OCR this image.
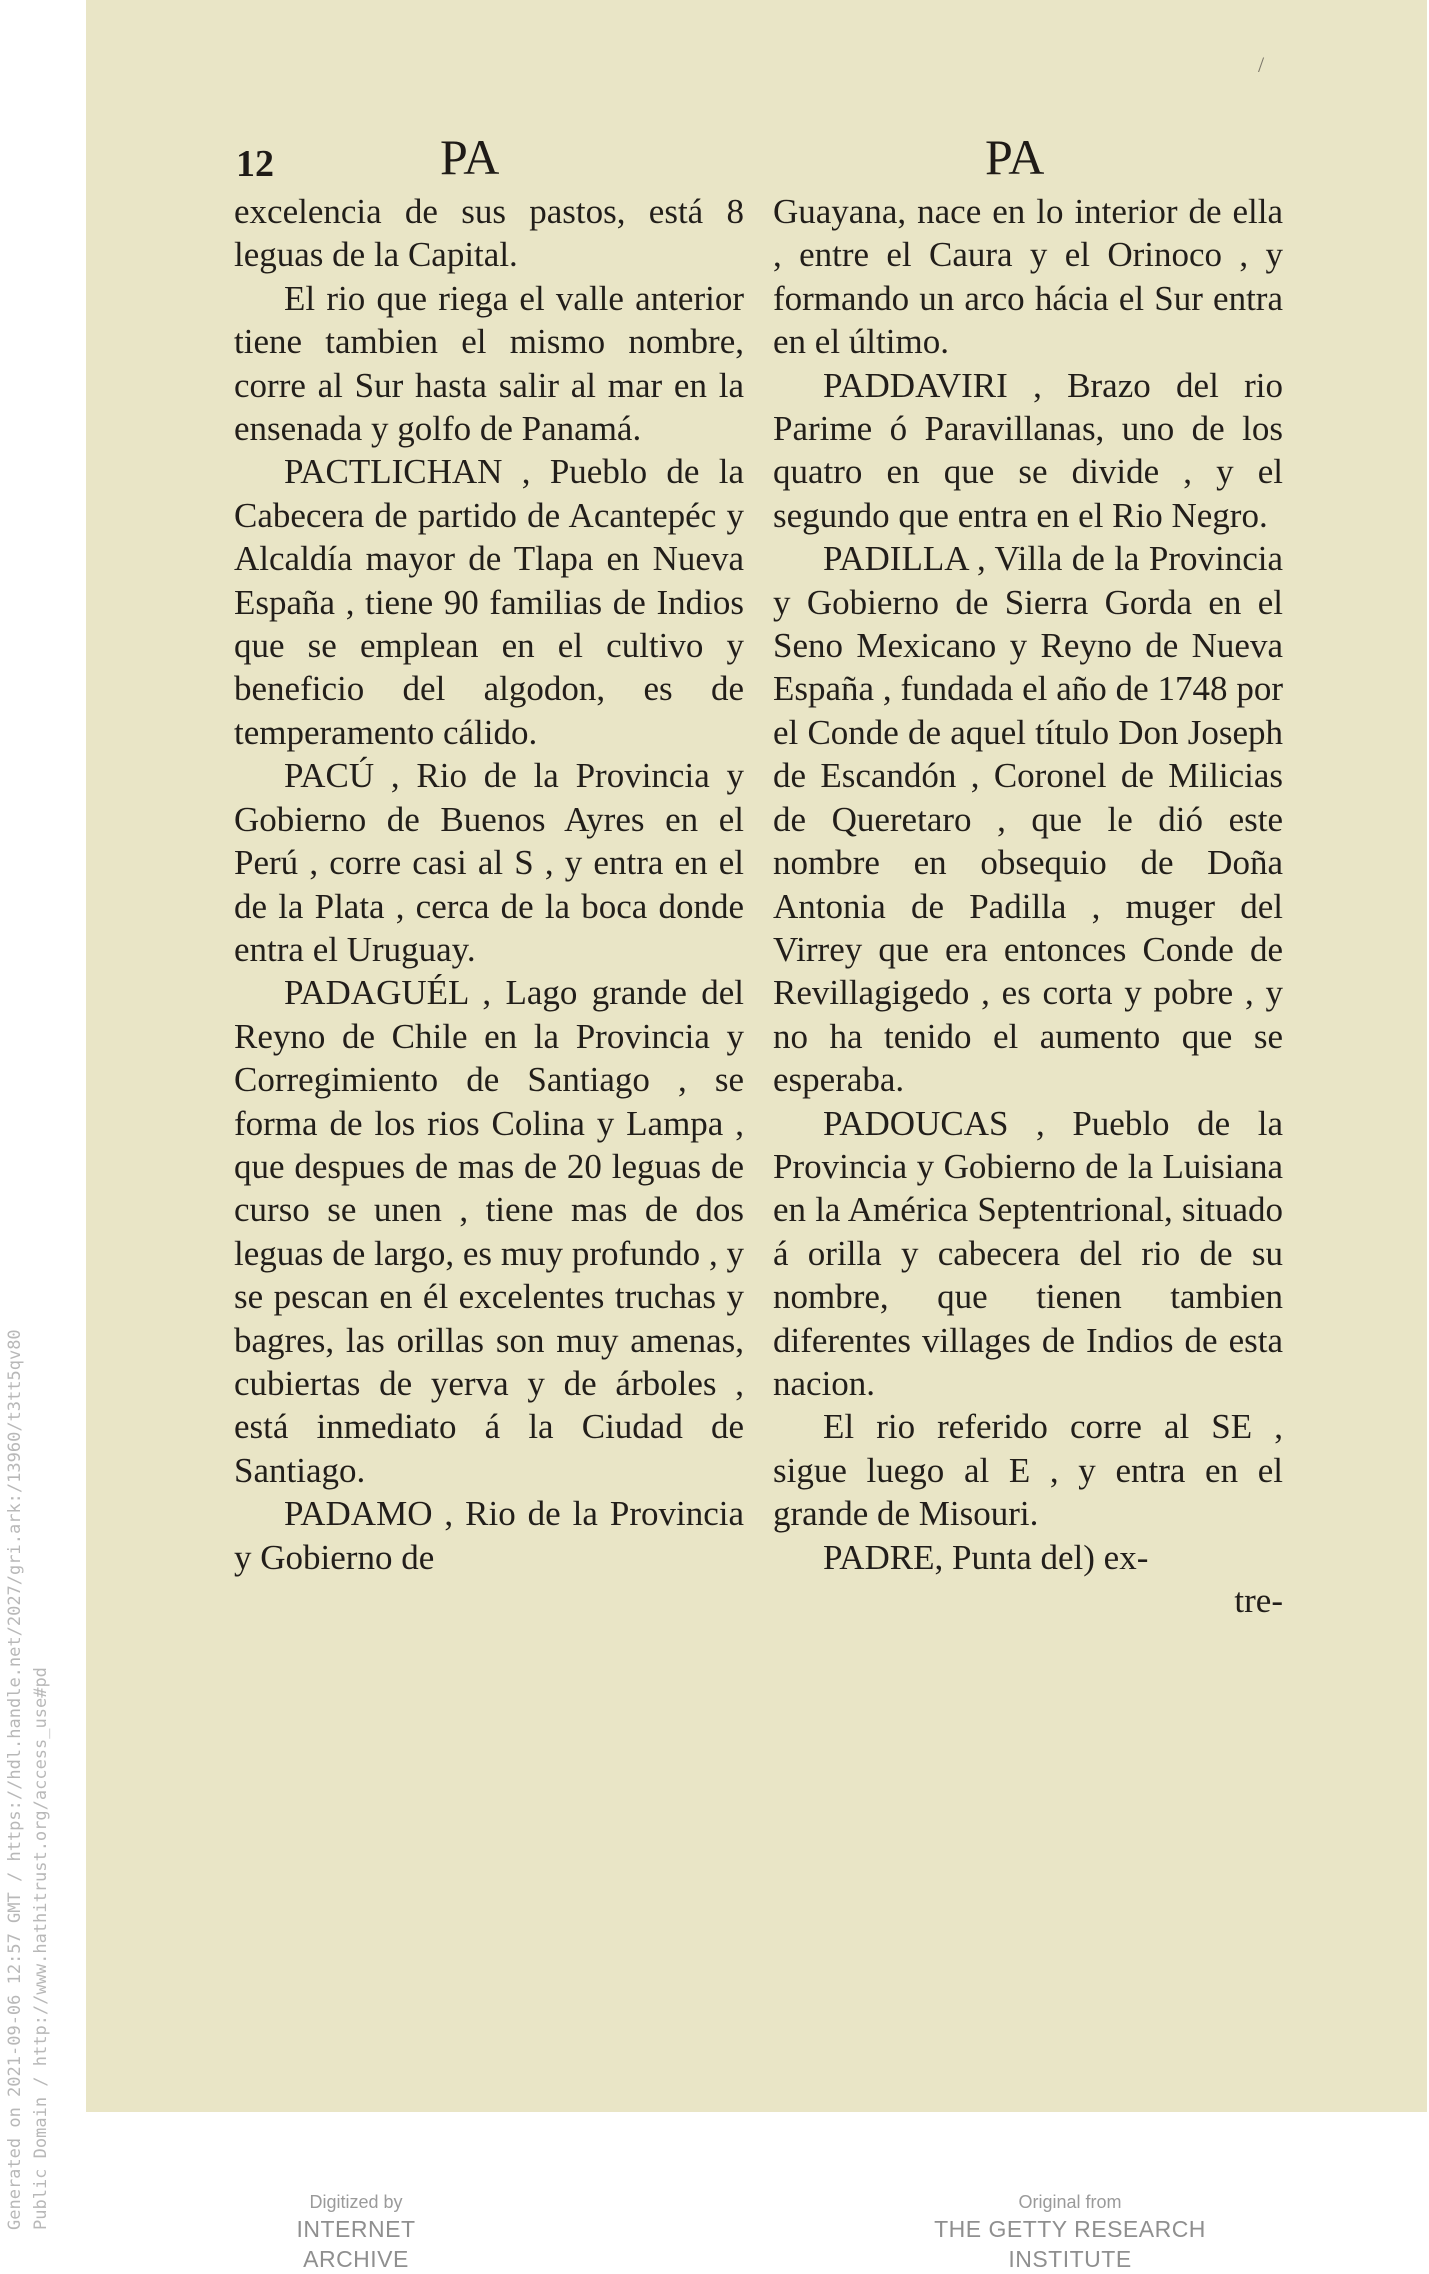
Generated on 2021-09-06 12:57 GMT / https://hdl.handle.net/2027/gri.ark:/13960/t3tt5qv80 Public Domain / http://www.hathitrust.org/access_use#pd
/
12	PA	PA

excelencia de sus pastos, está 8 leguas de la Capital.

El rio que riega el valle anterior tiene tambien el mismo nombre, corre al Sur hasta salir al mar en la ensenada y golfo de Panamá.

PACTLICHAN , Pueblo de la Cabecera de partido de Acantepéc y Alcaldía mayor de Tlapa en Nueva España , tiene 90 familias de Indios que se emplean en el cultivo y beneficio del algodon, es de temperamento cálido.

PACÚ , Rio de la Provincia y Gobierno de Buenos Ayres en el Perú , corre casi al S , y entra en el de la Plata , cerca de la boca donde entra el Uruguay.

PADAGUÉL , Lago grande del Reyno de Chile en la Provincia y Corregimiento de Santiago , se forma de los rios Colina y Lampa , que despues de mas de 20 leguas de curso se unen , tiene mas de dos leguas de largo, es muy profundo , y se pescan en él excelentes truchas y bagres, las orillas son muy amenas, cubiertas de yerva y de árboles , está inmediato á la Ciudad de Santiago.

PADAMO , Rio de la Provincia y Gobierno de

Guayana, nace en lo interior de ella , entre el Caura y el Orinoco , y formando un arco hácia el Sur entra en el último.

PADDAVIRI , Brazo del rio Parime ó Paravillanas, uno de los quatro en que se divide , y el segundo que entra en el Rio Negro.

PADILLA , Villa de la Provincia y Gobierno de Sierra Gorda en el Seno Mexicano y Reyno de Nueva España , fundada el año de 1748 por el Conde de aquel título Don Joseph de Escandón , Coronel de Milicias de Queretaro , que le dió este nombre en obsequio de Doña Antonia de Padilla , muger del Virrey que era entonces Conde de Revillagigedo , es corta y pobre , y no ha tenido el aumento que se esperaba.

PADOUCAS , Pueblo de la Provincia y Gobierno de la Luisiana en la América Septentrional, situado á orilla y cabecera del rio de su nombre, que tienen tambien diferentes villages de Indios de esta nacion.

El rio referido corre al SE , sigue luego al E , y entra en el grande de Misouri.

PADRE, Punta del) ex-

tre-

Digitized by
INTERNET ARCHIVE
Original from
THE GETTY RESEARCH INSTITUTE
